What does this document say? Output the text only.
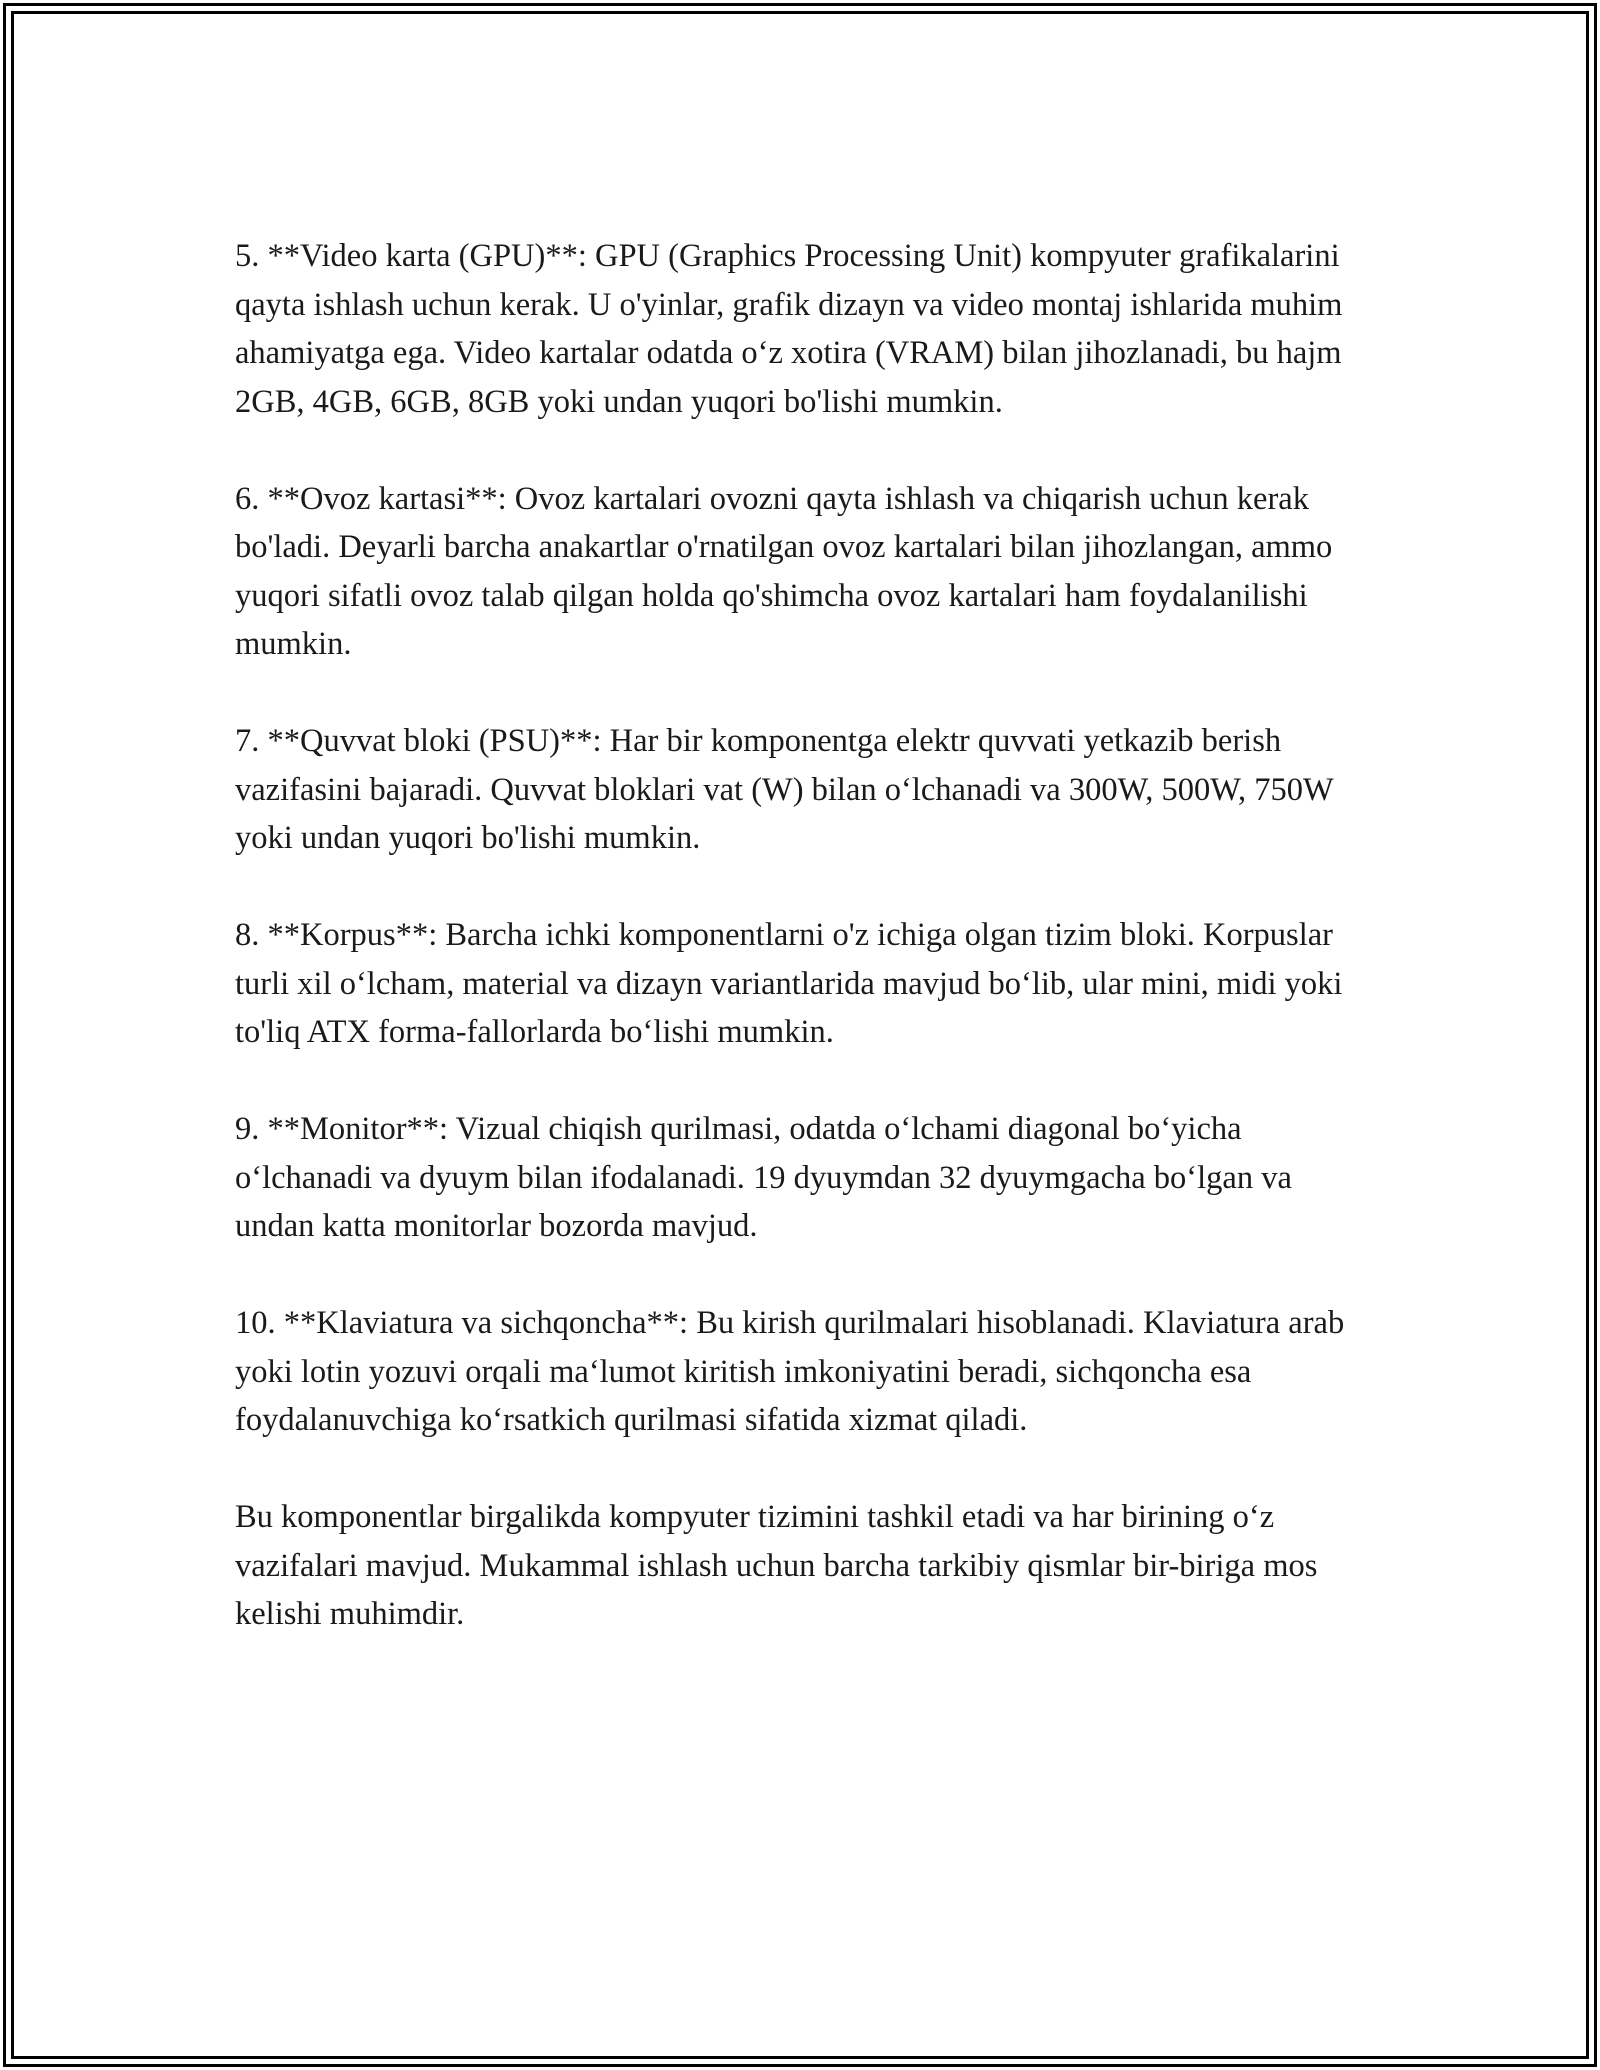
5. **Video karta (GPU)**: GPU (Graphics Processing Unit) kompyuter grafikalarini qayta ishlash uchun kerak. U o'yinlar, grafik dizayn va video montaj ishlarida muhim ahamiyatga ega. Video kartalar odatda o‘z xotira (VRAM) bilan jihozlanadi, bu hajm 2GB, 4GB, 6GB, 8GB yoki undan yuqori bo'lishi mumkin.

6. **Ovoz kartasi**: Ovoz kartalari ovozni qayta ishlash va chiqarish uchun kerak bo'ladi. Deyarli barcha anakartlar o'rnatilgan ovoz kartalari bilan jihozlangan, ammo yuqori sifatli ovoz talab qilgan holda qo'shimcha ovoz kartalari ham foydalanilishi mumkin.

7. **Quvvat bloki (PSU)**: Har bir komponentga elektr quvvati yetkazib berish vazifasini bajaradi. Quvvat bloklari vat (W) bilan o‘lchanadi va 300W, 500W, 750W yoki undan yuqori bo'lishi mumkin.

8. **Korpus**: Barcha ichki komponentlarni o'z ichiga olgan tizim bloki. Korpuslar turli xil o‘lcham, material va dizayn variantlarida mavjud bo‘lib, ular mini, midi yoki to'liq ATX forma-fallorlarda bo‘lishi mumkin.

9. **Monitor**: Vizual chiqish qurilmasi, odatda o‘lchami diagonal bo‘yicha o‘lchanadi va dyuym bilan ifodalanadi. 19 dyuymdan 32 dyuymgacha bo‘lgan va undan katta monitorlar bozorda mavjud.

10. **Klaviatura va sichqoncha**: Bu kirish qurilmalari hisoblanadi. Klaviatura arab yoki lotin yozuvi orqali ma‘lumot kiritish imkoniyatini beradi, sichqoncha esa foydalanuvchiga ko‘rsatkich qurilmasi sifatida xizmat qiladi.

Bu komponentlar birgalikda kompyuter tizimini tashkil etadi va har birining o‘z vazifalari mavjud. Mukammal ishlash uchun barcha tarkibiy qismlar bir-biriga mos kelishi muhimdir.
